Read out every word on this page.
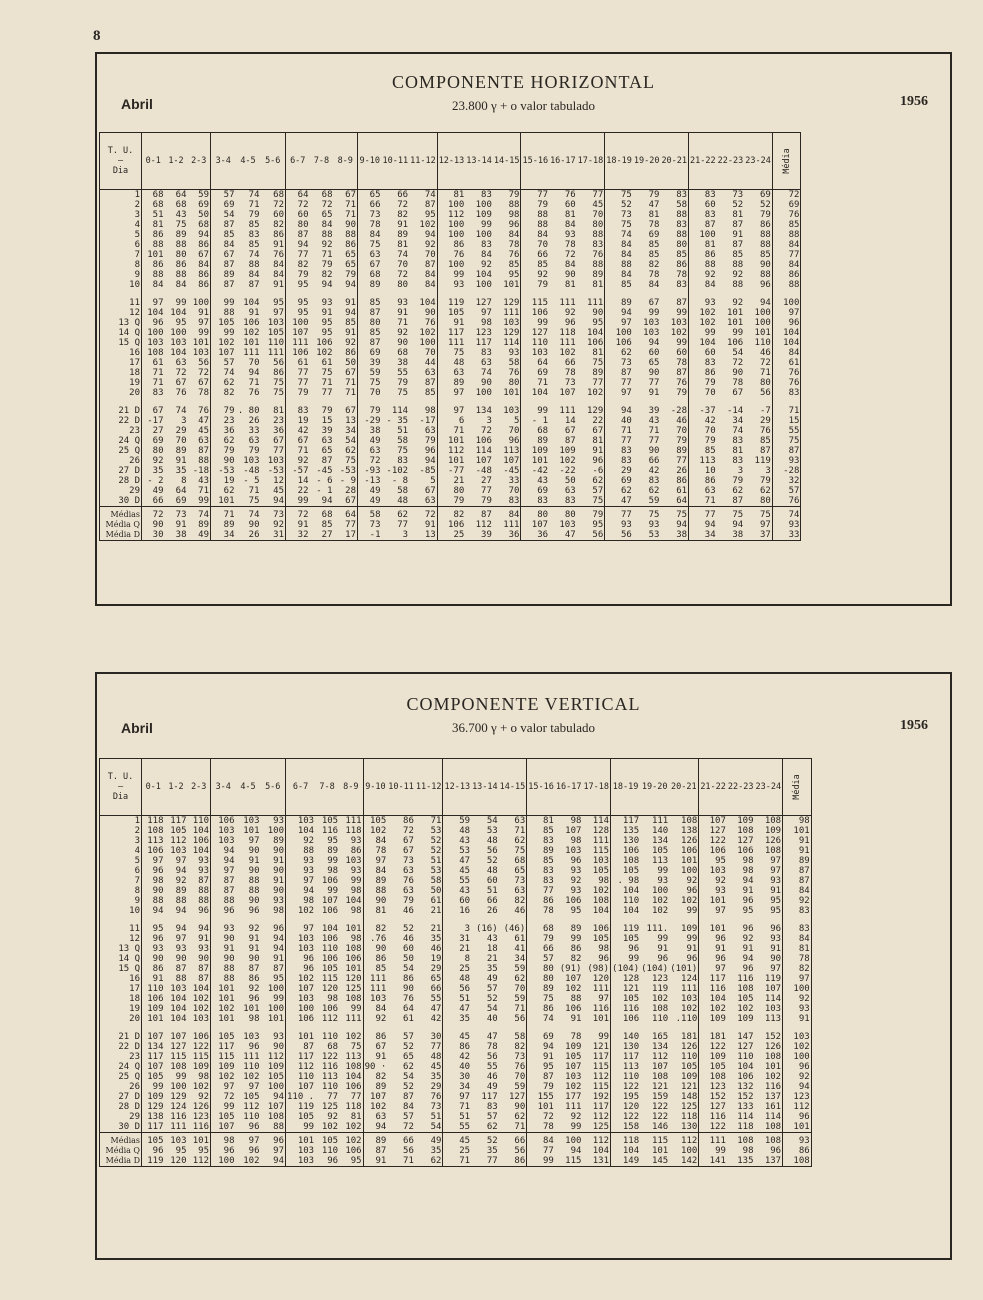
8
COMPONENTE HORIZONTAL
23.800 γ + o valor tabulado
Abril	1956
T. U.
—
Dia	0-1	1-2	2-3	3-4	4-5	5-6	6-7	7-8	8-9	9-10	10-11	11-12	12-13	13-14	14-15	15-16	16-17	17-18	18-19	19-20	20-21	21-22	22-23	23-24	Média
1	68	64	59	57	74	68	64	68	67	65	66	74	81	83	79	77	76	77	75	79	83	83	73	69	72
2	68	68	69	69	71	72	72	72	71	66	72	87	100	100	88	79	60	45	52	47	58	60	52	52	69
3	51	43	50	54	79	60	60	65	71	73	82	95	112	109	98	88	81	70	73	81	88	83	81	79	76
4	81	75	68	87	85	82	80	84	90	78	91	102	100	99	96	88	84	80	75	78	83	87	87	86	85
5	86	89	94	85	83	86	87	88	88	84	89	94	100	100	84	84	93	88	74	69	88	100	91	88	88
6	88	88	86	84	85	91	94	92	86	75	81	92	86	83	78	70	78	83	84	85	80	81	87	88	84
7	101	80	67	67	74	76	77	71	65	63	74	70	76	84	76	66	72	76	84	85	85	86	85	85	77
8	86	86	84	87	88	84	82	79	65	67	70	87	100	92	85	85	84	88	88	82	86	88	88	90	84
9	88	88	86	89	84	84	79	82	79	68	72	84	99	104	95	92	90	89	84	78	78	92	92	88	86
10	84	84	86	87	87	91	95	94	94	89	80	84	93	100	101	79	81	81	85	84	83	84	88	96	88
11	97	99	100	99	104	95	95	93	91	85	93	104	119	127	129	115	111	111	89	67	87	93	92	94	100
12	104	104	91	88	91	97	95	91	94	87	91	90	105	97	111	106	92	90	94	99	99	102	101	100	97
13 Q	96	95	97	105	106	103	100	95	85	80	71	76	91	98	103	99	96	95	97	103	103	102	101	100	96
14 Q	100	100	99	99	102	105	107	95	91	85	92	102	117	123	129	127	118	104	100	103	102	99	99	101	104
15 Q	103	103	101	102	101	110	111	106	92	87	90	100	111	117	114	110	111	106	106	94	99	104	106	110	104
16	108	104	103	107	111	111	106	102	86	69	68	70	75	83	93	103	102	81	62	60	60	60	54	46	84
17	61	63	56	57	70	56	61	61	50	39	38	44	48	63	58	64	66	75	73	65	78	83	72	72	61
18	71	72	72	74	94	86	77	75	67	59	55	63	63	74	76	69	78	89	87	90	87	86	90	71	76
19	71	67	67	62	71	75	77	71	71	75	79	87	89	90	80	71	73	77	77	77	76	79	78	80	76
20	83	76	78	82	76	75	79	77	71	70	75	85	97	100	101	104	107	102	97	91	79	70	67	56	83
21 D	67	74	76	79	. 80	81	83	79	67	79	114	98	97	134	103	99	111	129	94	39	-28	-37	-14	-7	71
22 D	-17	3	47	23	26	23	19	15	13	-29	- 35	-17	6	3	5	- 1	14	22	40	43	46	42	34	29	15
23	27	29	45	36	33	36	42	39	34	38	51	63	71	72	70	68	67	67	71	71	70	70	74	76	55
24 Q	69	70	63	62	63	67	67	63	54	49	58	79	101	106	96	89	87	81	77	77	79	79	83	85	75
25 Q	80	89	87	79	79	77	71	65	62	63	75	96	112	114	113	109	109	91	83	90	89	85	81	87	87
26	92	91	88	90	103	103	92	87	75	72	83	94	101	107	107	101	102	96	83	66	77	113	83	119	93
27 D	35	35	-18	-53	-48	-53	-57	-45	-53	-93	-102	-85	-77	-48	-45	-42	-22	-6	29	42	26	10	3	3	-28
28 D	- 2	8	43	19	- 5	12	14	- 6	- 9	-13	- 8	5	21	27	33	43	50	62	69	83	86	86	79	79	32
29	49	64	71	62	71	45	22	- 1	28	49	58	67	80	77	70	69	63	57	62	62	61	63	62	62	57
30 D	66	69	99	101	75	94	99	94	67	49	48	63	79	79	83	83	83	75	47	59	64	71	87	80	76

Médias	72	73	74	71	74	73	72	68	64	58	62	72	82	87	84	80	80	79	77	75	75	77	75	75	74
Média Q	90	91	89	89	90	92	91	85	77	73	77	91	106	112	111	107	103	95	93	93	94	94	94	97	93
Média D	30	38	49	34	26	31	32	27	17	-1	3	13	25	39	36	36	47	56	56	53	38	34	38	37	33
COMPONENTE VERTICAL
36.700 γ + o valor tabulado
Abril	1956
T. U.
—
Dia	0-1	1-2	2-3	3-4	4-5	5-6	6-7	7-8	8-9	9-10	10-11	11-12	12-13	13-14	14-15	15-16	16-17	17-18	18-19	19-20	20-21	21-22	22-23	23-24	Média
1	118	117	110	106	103	93	103	105	111	105	86	71	59	54	63	81	98	114	117	111	108	107	109	108	98
2	108	105	104	103	101	100	104	116	118	102	72	53	48	53	71	85	107	128	135	140	138	127	108	109	101
3	113	112	106	103	97	89	92	95	93	84	67	52	43	48	62	83	98	111	130	134	126	122	127	126	91
4	106	103	104	94	90	90	88	89	86	78	67	52	53	56	75	89	103	115	106	105	106	106	106	108	91
5	97	97	93	94	91	91	93	99	103	97	73	51	47	52	68	85	96	103	108	113	101	95	98	97	89
6	96	94	93	97	90	90	93	98	93	84	63	53	45	48	65	83	93	105	105	99	100	103	98	97	87
7	98	92	87	87	88	91	97	106	99	89	76	58	55	60	73	83	92	98	. 98	93	92	92	94	93	87
8	90	89	88	87	88	90	94	99	98	88	63	50	43	51	63	77	93	102	104	100	96	93	91	91	84
9	88	88	88	88	90	93	98	107	104	90	79	61	60	66	82	86	106	108	110	102	102	101	96	95	92
10	94	94	96	96	96	98	102	106	98	81	46	21	16	26	46	78	95	104	104	102	99	97	95	95	83
11	95	94	94	93	92	96	97	104	101	82	52	21	3	(16)	(46)	68	89	106	119	111.	109	101	96	96	83
12	96	97	91	90	91	94	103	106	98	.76	46	35	31	43	61	79	99	105	105	99	99	96	92	93	84
13 Q	93	93	93	91	91	94	103	110	108	90	60	46	21	18	41	66	86	98	96	91	91	91	91	91	81
14 Q	90	90	90	90	90	91	96	106	106	86	50	19	8	21	34	57	82	96	99	96	96	96	94	90	78
15 Q	86	87	87	88	87	87	96	105	101	85	54	29	25	35	59	80	(91)	(98)	(104)	(104)	(101)	97	96	97	82
16	91	88	87	88	86	95	102	115	120	111	86	65	48	49	62	80	107	120	128	123	124	117	116	119	97
17	110	103	104	101	92	100	107	120	125	111	90	66	56	57	70	89	102	111	121	119	111	116	108	107	100
18	106	104	102	101	96	99	103	98	108	103	76	55	51	52	59	75	88	97	105	102	103	104	105	114	92
19	109	104	102	102	101	100	100	106	99	84	64	47	47	54	71	86	106	116	116	108	102	102	102	103	93
20	101	104	103	101	98	101	106	112	111	92	61	42	35	40	56	74	91	101	106	110	.110	109	109	113	91
21 D	107	107	106	105	103	93	101	110	102	86	57	30	45	47	58	69	78	99	140	165	181	181	147	152	103
22 D	134	127	122	117	96	90	87	68	75	67	52	77	86	78	82	94	109	121	130	134	126	122	127	126	102
23	117	115	115	115	111	112	117	122	113	91	65	48	42	56	73	91	105	117	117	112	110	109	110	108	100
24 Q	107	108	109	109	110	109	112	116	108	90 ·	62	45	40	55	76	95	107	115	113	107	105	105	104	101	96
25 Q	105	99	98	102	102	105	110	113	104	82	54	35	30	46	70	87	103	112	110	108	109	108	106	102	92
26	99	100	102	97	97	100	107	110	106	89	52	29	34	49	59	79	102	115	122	121	121	123	132	116	94
27 D	109	129	92	72	105	94	110 .	77	77	107	87	76	97	117	127	155	177	192	195	159	148	152	152	137	123
28 D	129	124	126	99	112	107	119	125	118	102	84	73	71	83	90	101	111	117	120	122	125	127	133	161	112
29	138	116	123	105	110	108	105	92	81	63	57	51	51	57	62	72	92	112	122	122	118	116	114	114	96
30 D	117	111	116	107	96	88	99	102	102	94	72	54	55	62	71	78	99	125	158	146	130	122	118	108	101

Médias	105	103	101	98	97	96	101	105	102	89	66	49	45	52	66	84	100	112	118	115	112	111	108	108	93
Média Q	96	95	95	96	96	97	103	110	106	87	56	35	25	35	56	77	94	104	104	101	100	99	98	96	86
Média D	119	120	112	100	102	94	103	96	95	91	71	62	71	77	86	99	115	131	149	145	142	141	135	137	108
